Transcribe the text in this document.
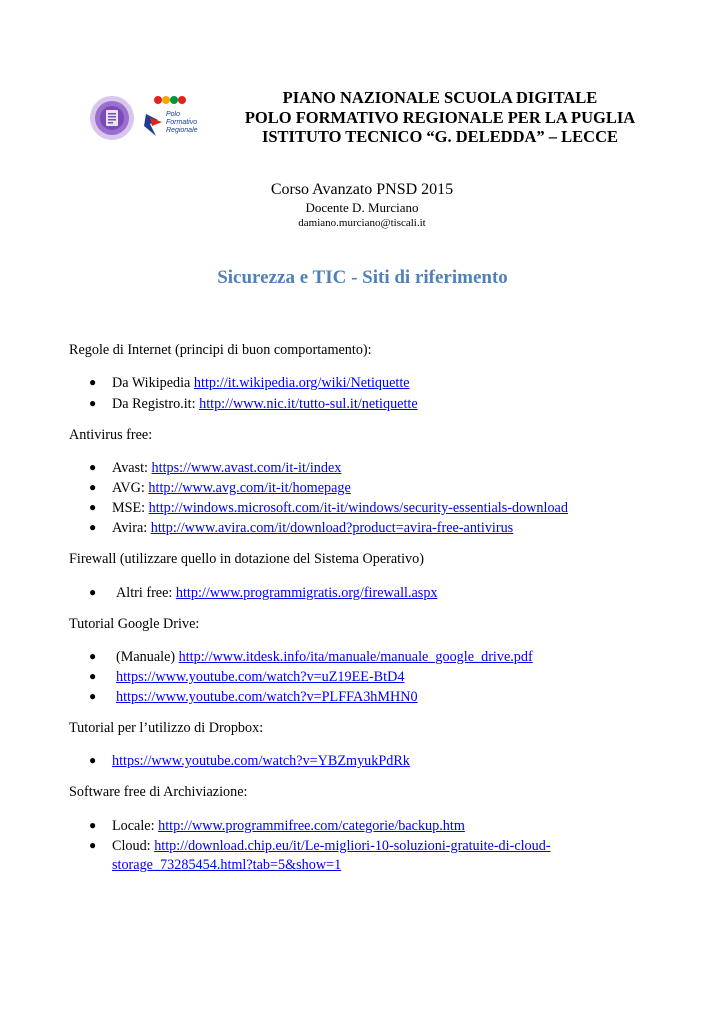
Polo
Formativo
Regionale
PIANO NAZIONALE SCUOLA DIGITALE
POLO FORMATIVO REGIONALE PER LA PUGLIA
ISTITUTO TECNICO “G. DELEDDA” – LECCE
Corso Avanzato PNSD 2015
Docente D. Murciano
damiano.murciano@tiscali.it
Sicurezza e TIC - Siti di riferimento
Regole di Internet (principi di buon comportamento):
● Da Wikipedia http://it.wikipedia.org/wiki/Netiquette
● Da Registro.it: http://www.nic.it/tutto-sul.it/netiquette
Antivirus free:
● Avast: https://www.avast.com/it-it/index
● AVG: http://www.avg.com/it-it/homepage
● MSE: http://windows.microsoft.com/it-it/windows/security-essentials-download
● Avira: http://www.avira.com/it/download?product=avira-free-antivirus
Firewall (utilizzare quello in dotazione del Sistema Operativo)
● Altri free: http://www.programmigratis.org/firewall.aspx
Tutorial Google Drive:
● (Manuale) http://www.itdesk.info/ita/manuale/manuale_google_drive.pdf
● https://www.youtube.com/watch?v=uZ19EE-BtD4
● https://www.youtube.com/watch?v=PLFFA3hMHN0
Tutorial per l’utilizzo di Dropbox:
● https://www.youtube.com/watch?v=YBZmyukPdRk
Software free di Archiviazione:
● Locale: http://www.programmifree.com/categorie/backup.htm
● Cloud: http://download.chip.eu/it/Le-migliori-10-soluzioni-gratuite-di-cloud-
storage_73285454.html?tab=5&show=1
